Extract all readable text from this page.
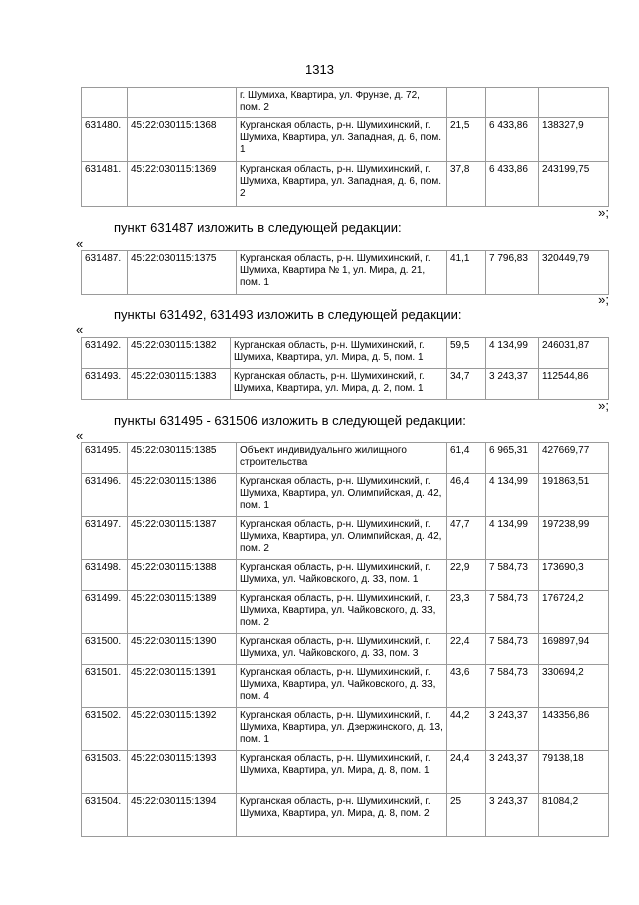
1313
		г. Шумиха, Квартира, ул. Фрунзе, д. 72, пом. 2			
631480.	45:22:030115:1368	Курганская область, р-н. Шумихинский, г. Шумиха, Квартира, ул. Западная, д. 6, пом. 1	21,5	6 433,86	138327,9
631481.	45:22:030115:1369	Курганская область, р-н. Шумихинский, г. Шумиха, Квартира, ул. Западная, д. 6, пом. 2	37,8	6 433,86	243199,75
»;
пункт 631487 изложить в следующей редакции:
«
631487.	45:22:030115:1375	Курганская область, р-н. Шумихинский, г. Шумиха, Квартира № 1, ул. Мира, д. 21, пом. 1	41,1	7 796,83	320449,79
»;
пункты 631492, 631493 изложить в следующей редакции:
«
631492.	45:22:030115:1382	Курганская область, р-н. Шумихинский, г. Шумиха, Квартира, ул. Мира, д. 5, пом. 1	59,5	4 134,99	246031,87
631493.	45:22:030115:1383	Курганская область, р-н. Шумихинский, г. Шумиха, Квартира, ул. Мира, д. 2, пом. 1	34,7	3 243,37	112544,86
»;
пункты 631495 - 631506 изложить в следующей редакции:
«
631495.	45:22:030115:1385	Объект индивидуальнго жилищного строительства	61,4	6 965,31	427669,77
631496.	45:22:030115:1386	Курганская область, р-н. Шумихинский, г. Шумиха, Квартира, ул. Олимпийская, д. 42, пом. 1	46,4	4 134,99	191863,51
631497.	45:22:030115:1387	Курганская область, р-н. Шумихинский, г. Шумиха, Квартира, ул. Олимпийская, д. 42, пом. 2	47,7	4 134,99	197238,99
631498.	45:22:030115:1388	Курганская область, р-н. Шумихинский, г. Шумиха, ул. Чайковского, д. 33, пом. 1	22,9	7 584,73	173690,3
631499.	45:22:030115:1389	Курганская область, р-н. Шумихинский, г. Шумиха, Квартира, ул. Чайковского, д. 33, пом. 2	23,3	7 584,73	176724,2
631500.	45:22:030115:1390	Курганская область, р-н. Шумихинский, г. Шумиха, ул. Чайковского, д. 33, пом. 3	22,4	7 584,73	169897,94
631501.	45:22:030115:1391	Курганская область, р-н. Шумихинский, г. Шумиха, Квартира, ул. Чайковского, д. 33, пом. 4	43,6	7 584,73	330694,2
631502.	45:22:030115:1392	Курганская область, р-н. Шумихинский, г. Шумиха, Квартира, ул. Дзержинского, д. 13, пом. 1	44,2	3 243,37	143356,86
631503.	45:22:030115:1393	Курганская область, р-н. Шумихинский, г. Шумиха, Квартира, ул. Мира, д. 8, пом. 1	24,4	3 243,37	79138,18
631504.	45:22:030115:1394	Курганская область, р-н. Шумихинский, г. Шумиха, Квартира, ул. Мира, д. 8, пом. 2	25	3 243,37	81084,2
